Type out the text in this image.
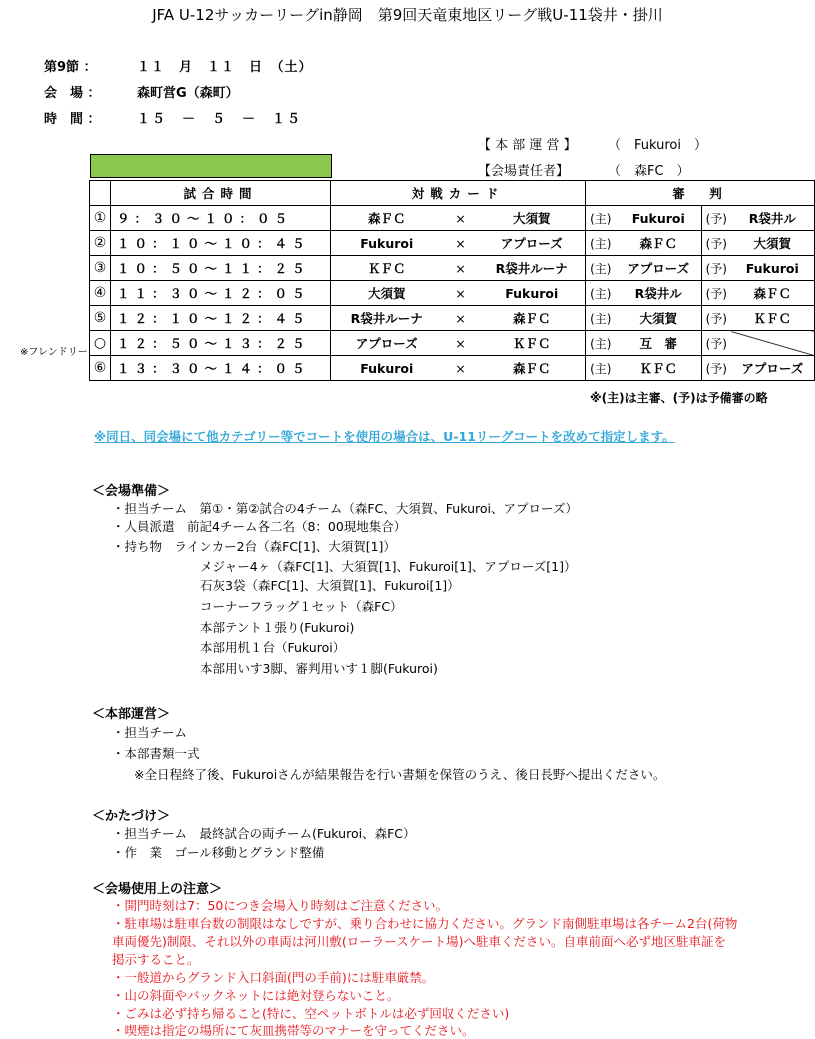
JFA U-12サッカーリーグin静岡　第9回天竜東地区リーグ戦U-11袋井・掛川
第9節 ：	１１　月　１１　日　（土）
会　場 ：	森町営G（森町）
時　間 ：	１５　－　５　－　１５
【 本 部 運 営 】 （　Fukuroi　）
【会場責任者】	（　森FC　）
※フレンドリー
	試合時間	対戦カード			審　判			
①	９：３０～１０：０５	森ＦＣ	×	大須賀	(主)	Fukuroi	(予)	R袋井ル
②	１０：１０～１０：４５	Fukuroi	×	アプローズ	(主)	森ＦＣ	(予)	大須賀
③	１０：５０～１１：２５	ＫＦＣ	×	R袋井ルーナ	(主)	アプローズ	(予)	Fukuroi
④	１１：３０～１２：０５	大須賀	×	Fukuroi	(主)	R袋井ル	(予)	森ＦＣ
⑤	１２：１０～１２：４５	R袋井ルーナ	×	森ＦＣ	(主)	大須賀	(予)	ＫＦＣ
○	１２：５０～１３：２５	アプローズ	×	ＫＦＣ	(主)	互　審	(予)	
⑥	１３：３０～１４：０５	Fukuroi	×	森ＦＣ	(主)	ＫＦＣ	(予)	アプローズ
※(主)は主審、(予)は予備審の略
※同日、同会場にて他カテゴリー等でコートを使用の場合は、U-11リーグコートを改めて指定します。
＜会場準備＞
・担当チーム　第①・第②試合の4チーム（森FC、大須賀、Fukuroi、アプローズ）
・人員派遣　前記4チーム各二名（8：00現地集合）
・持ち物　ラインカー2台（森FC[1]、大須賀[1]）
メジャー4ヶ（森FC[1]、大須賀[1]、Fukuroi[1]、アプローズ[1]）
石灰3袋（森FC[1]、大須賀[1]、Fukuroi[1]）
コーナーフラッグ１セット（森FC）
本部テント１張り(Fukuroi)
本部用机１台（Fukuroi）
本部用いす3脚、審判用いす１脚(Fukuroi)
＜本部運営＞
・担当チーム
・本部書類一式
※全日程終了後、Fukuroiさんが結果報告を行い書類を保管のうえ、後日長野へ提出ください。
＜かたづけ＞
・担当チーム　最終試合の両チーム(Fukuroi、森FC）
・作　業　ゴール移動とグランド整備
＜会場使用上の注意＞
・開門時刻は7：50につき会場入り時刻はご注意ください。
・駐車場は駐車台数の制限はなしですが、乗り合わせに協力ください。グランド南側駐車場は各チーム2台(荷物
車両優先)制限、それ以外の車両は河川敷(ローラースケート場)へ駐車ください。自車前面へ必ず地区駐車証を
掲示すること。
・一般道からグランド入口斜面(門の手前)には駐車厳禁。
・山の斜面やバックネットには絶対登らないこと。
・ごみは必ず持ち帰ること(特に、空ペットボトルは必ず回収ください)
・喫煙は指定の場所にて灰皿携帯等のマナーを守ってください。
